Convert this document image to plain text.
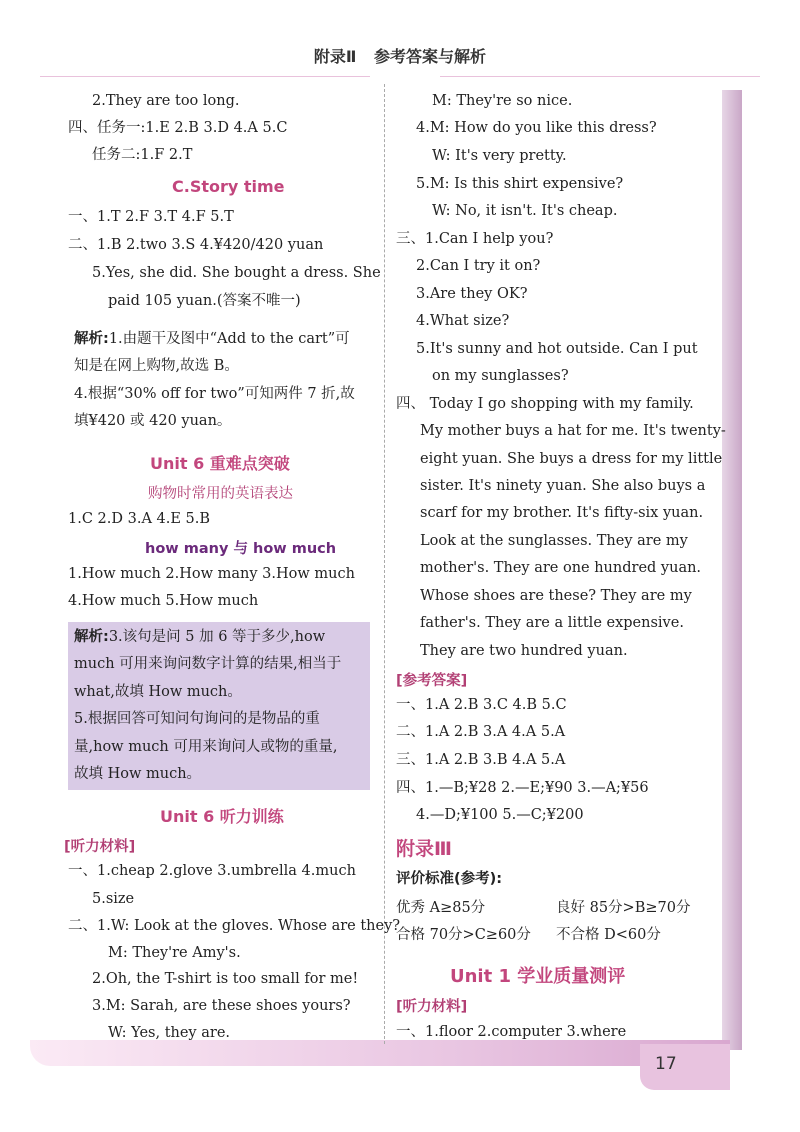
17
附录Ⅱ 参考答案与解析
2.They are too long.
四、任务一:1.E 2.B 3.D 4.A 5.C
任务二:1.F 2.T
C.Story time
一、1.T 2.F 3.T 4.F 5.T
二、1.B 2.two 3.S 4.¥420/420 yuan
5.Yes, she did. She bought a dress. She
paid 105 yuan.(答案不唯一)
解析:1.由题干及图中“Add to the cart”可
知是在网上购物,故选 B。
4.根据“30% off for two”可知两件 7 折,故
填¥420 或 420 yuan。
Unit 6 重难点突破
购物时常用的英语表达
1.C 2.D 3.A 4.E 5.B
how many 与 how much
1.How much 2.How many 3.How much
4.How much 5.How much
解析:3.该句是问 5 加 6 等于多少,how
much 可用来询问数字计算的结果,相当于
what,故填 How much。
5.根据回答可知问句询问的是物品的重
量,how much 可用来询问人或物的重量,
故填 How much。
Unit 6 听力训练
[听力材料]
一、1.cheap 2.glove 3.umbrella 4.much
5.size
二、1.W: Look at the gloves. Whose are they?
M: They're Amy's.
2.Oh, the T-shirt is too small for me!
3.M: Sarah, are these shoes yours?
W: Yes, they are.
M: They're so nice.
4.M: How do you like this dress?
W: It's very pretty.
5.M: Is this shirt expensive?
W: No, it isn't. It's cheap.
三、1.Can I help you?
2.Can I try it on?
3.Are they OK?
4.What size?
5.It's sunny and hot outside. Can I put
on my sunglasses?
四、 Today I go shopping with my family.
My mother buys a hat for me. It's twenty-
eight yuan. She buys a dress for my little
sister. It's ninety yuan. She also buys a
scarf for my brother. It's fifty-six yuan.
Look at the sunglasses. They are my
mother's. They are one hundred yuan.
Whose shoes are these? They are my
father's. They are a little expensive.
They are two hundred yuan.
[参考答案]
一、1.A 2.B 3.C 4.B 5.C
二、1.A 2.B 3.A 4.A 5.A
三、1.A 2.B 3.B 4.A 5.A
四、1.—B;¥28 2.—E;¥90 3.—A;¥56
4.—D;¥100 5.—C;¥200
附录Ⅲ
评价标准(参考):
优秀 A≥85分	良好 85分>B≥70分
合格 70分>C≥60分 不合格 D<60分
Unit 1 学业质量测评
[听力材料]
一、1.floor 2.computer 3.where
